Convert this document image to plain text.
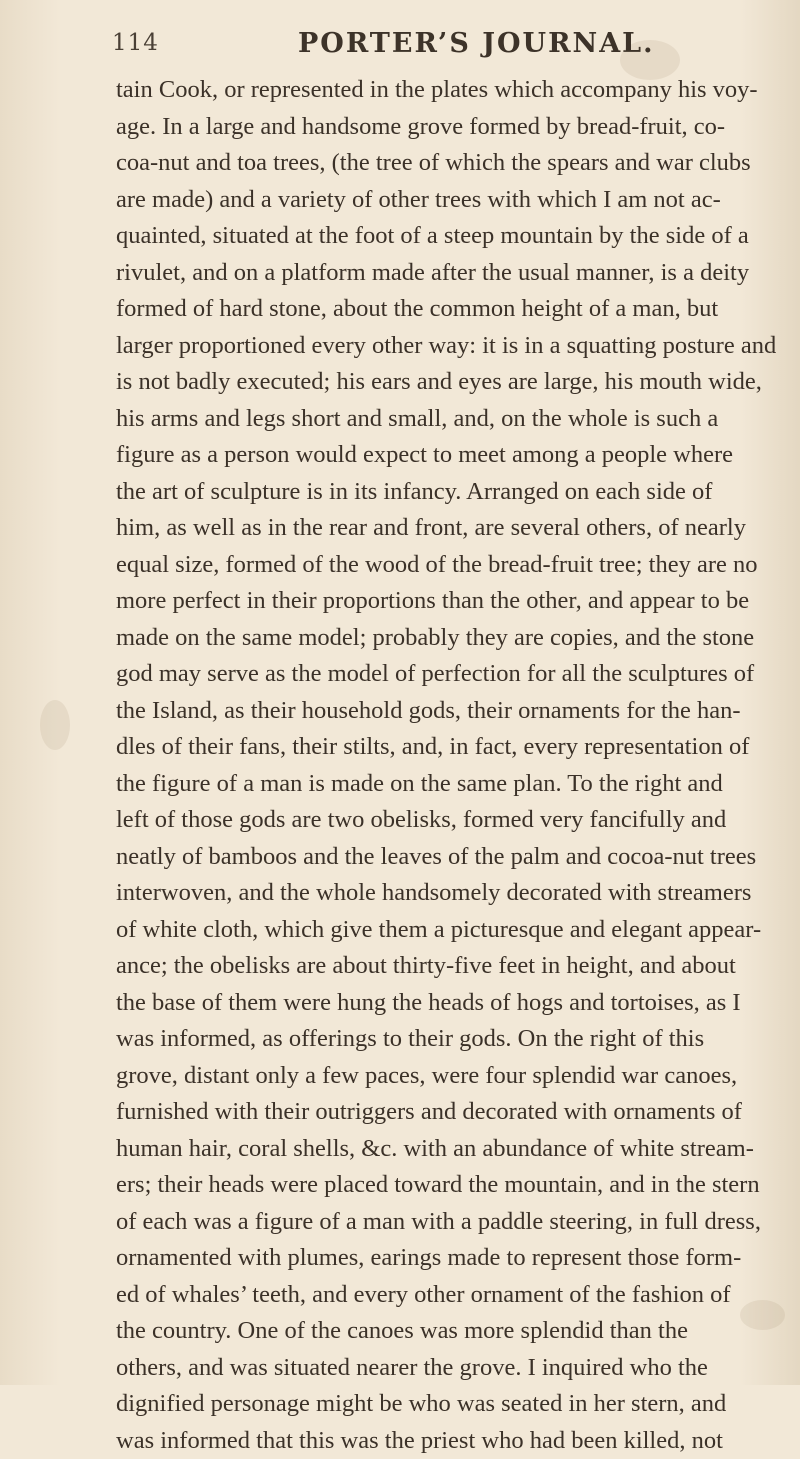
114	PORTER’S JOURNAL.
tain Cook, or represented in the plates which accompany his voy-
age. In a large and handsome grove formed by bread-fruit, co-
coa-nut and toa trees, (the tree of which the spears and war clubs
are made) and a variety of other trees with which I am not ac-
quainted, situated at the foot of a steep mountain by the side of a
rivulet, and on a platform made after the usual manner, is a deity
formed of hard stone, about the common height of a man, but
larger proportioned every other way: it is in a squatting posture and
is not badly executed; his ears and eyes are large, his mouth wide,
his arms and legs short and small, and, on the whole is such a
figure as a person would expect to meet among a people where
the art of sculpture is in its infancy. Arranged on each side of
him, as well as in the rear and front, are several others, of nearly
equal size, formed of the wood of the bread-fruit tree; they are no
more perfect in their proportions than the other, and appear to be
made on the same model; probably they are copies, and the stone
god may serve as the model of perfection for all the sculptures of
the Island, as their household gods, their ornaments for the han-
dles of their fans, their stilts, and, in fact, every representation of
the figure of a man is made on the same plan. To the right and
left of those gods are two obelisks, formed very fancifully and
neatly of bamboos and the leaves of the palm and cocoa-nut trees
interwoven, and the whole handsomely decorated with streamers
of white cloth, which give them a picturesque and elegant appear-
ance; the obelisks are about thirty-five feet in height, and about
the base of them were hung the heads of hogs and tortoises, as I
was informed, as offerings to their gods. On the right of this
grove, distant only a few paces, were four splendid war canoes,
furnished with their outriggers and decorated with ornaments of
human hair, coral shells, &c. with an abundance of white stream-
ers; their heads were placed toward the mountain, and in the stern
of each was a figure of a man with a paddle steering, in full dress,
ornamented with plumes, earings made to represent those form-
ed of whales’ teeth, and every other ornament of the fashion of
the country. One of the canoes was more splendid than the
others, and was situated nearer the grove. I inquired who the
dignified personage might be who was seated in her stern, and
was informed that this was the priest who had been killed, not
